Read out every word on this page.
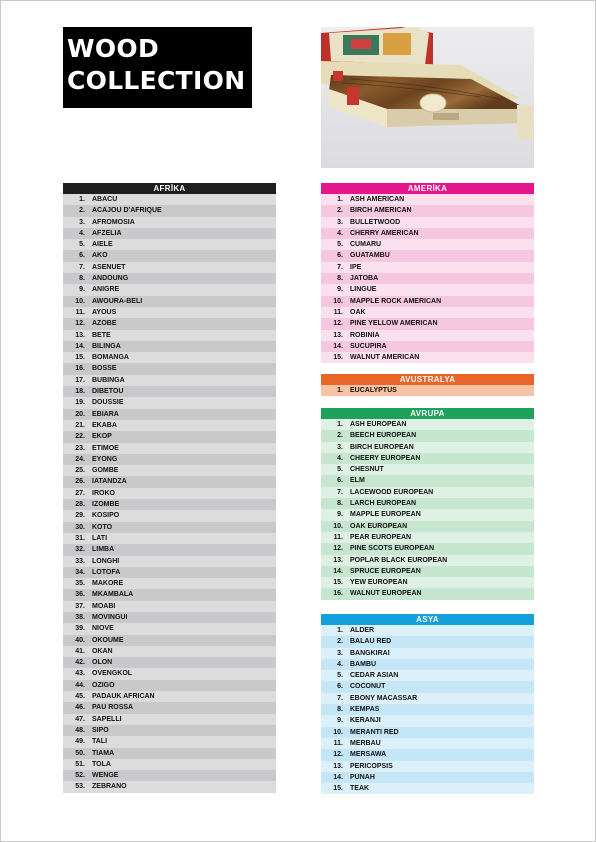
WOOD
COLLECTION
AFRİKA
1.	ABACU
2.	ACAJOU D'AFRIQUE
3.	AFROMOSIA
4.	AFZELIA
5.	AIELE
6.	AKO
7.	ASENUET
8.	ANDOUNG
9.	ANIGRE
10.	AWOURA-BELI
11.	AYOUS
12.	AZOBE
13.	BETE
14.	BILINGA
15.	BOMANGA
16.	BOSSE
17.	BUBINGA
18.	DIBETOU
19.	DOUSSIE
20.	EBIARA
21.	EKABA
22.	EKOP
23.	ETIMOE
24.	EYONG
25.	GOMBE
26.	IATANDZA
27.	IROKO
28.	IZOMBE
29.	KOSIPO
30.	KOTO
31.	LATI
32.	LIMBA
33.	LONGHI
34.	LOTOFA
35.	MAKORE
36.	MKAMBALA
37.	MOABI
38.	MOVINGUI
39.	NIOVE
40.	OKOUME
41.	OKAN
42.	OLON
43.	OVENGKOL
44.	OZIGO
45.	PADAUK AFRICAN
46.	PAU ROSSA
47.	SAPELLI
48.	SIPO
49.	TALI
50.	TIAMA
51.	TOLA
52.	WENGE
53.	ZEBRANO
AMERİKA
1.	ASH AMERICAN
2.	BIRCH AMERICAN
3.	BULLETWOOD
4.	CHERRY AMERICAN
5.	CUMARU
6.	GUATAMBU
7.	IPE
8.	JATOBA
9.	LINGUE
10.	MAPPLE ROCK AMERICAN
11.	OAK
12.	PINE YELLOW AMERICAN
13.	ROBINIA
14.	SUCUPIRA
15.	WALNUT AMERICAN
AVUSTRALYA
1.	EUCALYPTUS
AVRUPA
1.	ASH EUROPEAN
2.	BEECH EUROPEAN
3.	BIRCH EUROPEAN
4.	CHEERY EUROPEAN
5.	CHESNUT
6.	ELM
7.	LACEWOOD EUROPEAN
8.	LARCH EUROPEAN
9.	MAPPLE EUROPEAN
10.	OAK EUROPEAN
11.	PEAR EUROPEAN
12.	PINE SCOTS EUROPEAN
13.	POPLAR BLACK EUROPEAN
14.	SPRUCE EUROPEAN
15.	YEW EUROPEAN
16.	WALNUT EUROPEAN
ASYA
1.	ALDER
2.	BALAU RED
3.	BANGKIRAI
4.	BAMBU
5.	CEDAR ASIAN
6.	COCONUT
7.	EBONY MACASSAR
8.	KEMPAS
9.	KERANJI
10.	MERANTI RED
11.	MERBAU
12.	MERSAWA
13.	PERICOPSIS
14.	PUNAH
15.	TEAK
